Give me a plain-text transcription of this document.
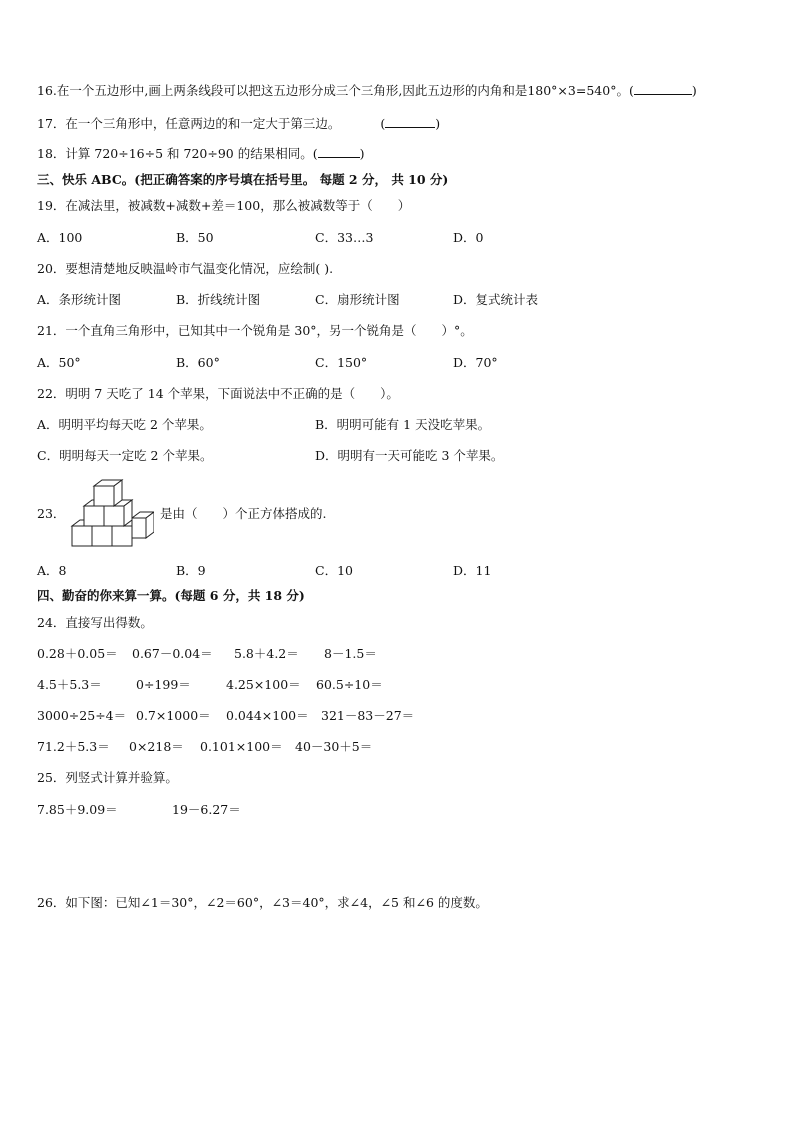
16.在一个五边形中,画上两条线段可以把这五边形分成三个三角形,因此五边形的内角和是180°×3=540°。(	)
17．在一个三角形中，任意两边的和一定大于第三边。	(	)
18．计算 720÷16÷5 和 720÷90 的结果相同。(	)
三、快乐 ABC。(把正确答案的序号填在括号里。 每题 2 分， 共 10 分)
19．在减法里，被减数+减数+差＝100，那么被减数等于（　　）
A．100	B．50	C．33…3	D．0
20．要想清楚地反映温岭市气温变化情况，应绘制( ).
A．条形统计图	B．折线统计图	C．扇形统计图	D．复式统计表
21．一个直角三角形中，已知其中一个锐角是 30°，另一个锐角是（　　）°。
A．50°	B．60°	C．150°	D．70°
22．明明 7 天吃了 14 个苹果，下面说法中不正确的是（　　）。
A．明明平均每天吃 2 个苹果。	B．明明可能有 1 天没吃苹果。
C．明明每天一定吃 2 个苹果。	D．明明有一天可能吃 3 个苹果。
23．	是由（　　）个正方体搭成的.
A．8	B．9	C．10	D．11
四、勤奋的你来算一算。(每题 6 分，共 18 分)
24．直接写出得数。
0.28＋0.05＝ 0.67－0.04＝ 5.8＋4.2＝ 8－1.5＝
4.5＋5.3＝	0÷199＝	4.25×100＝ 60.5÷10＝
3000÷25÷4＝ 0.7×1000＝ 0.044×100＝ 321－83－27＝
71.2＋5.3＝ 0×218＝ 0.101×100＝ 40－30＋5＝
25．列竖式计算并验算。
7.85＋9.09＝	19－6.27＝
26．如下图：已知∠1＝30°，∠2＝60°，∠3＝40°，求∠4，∠5 和∠6 的度数。
